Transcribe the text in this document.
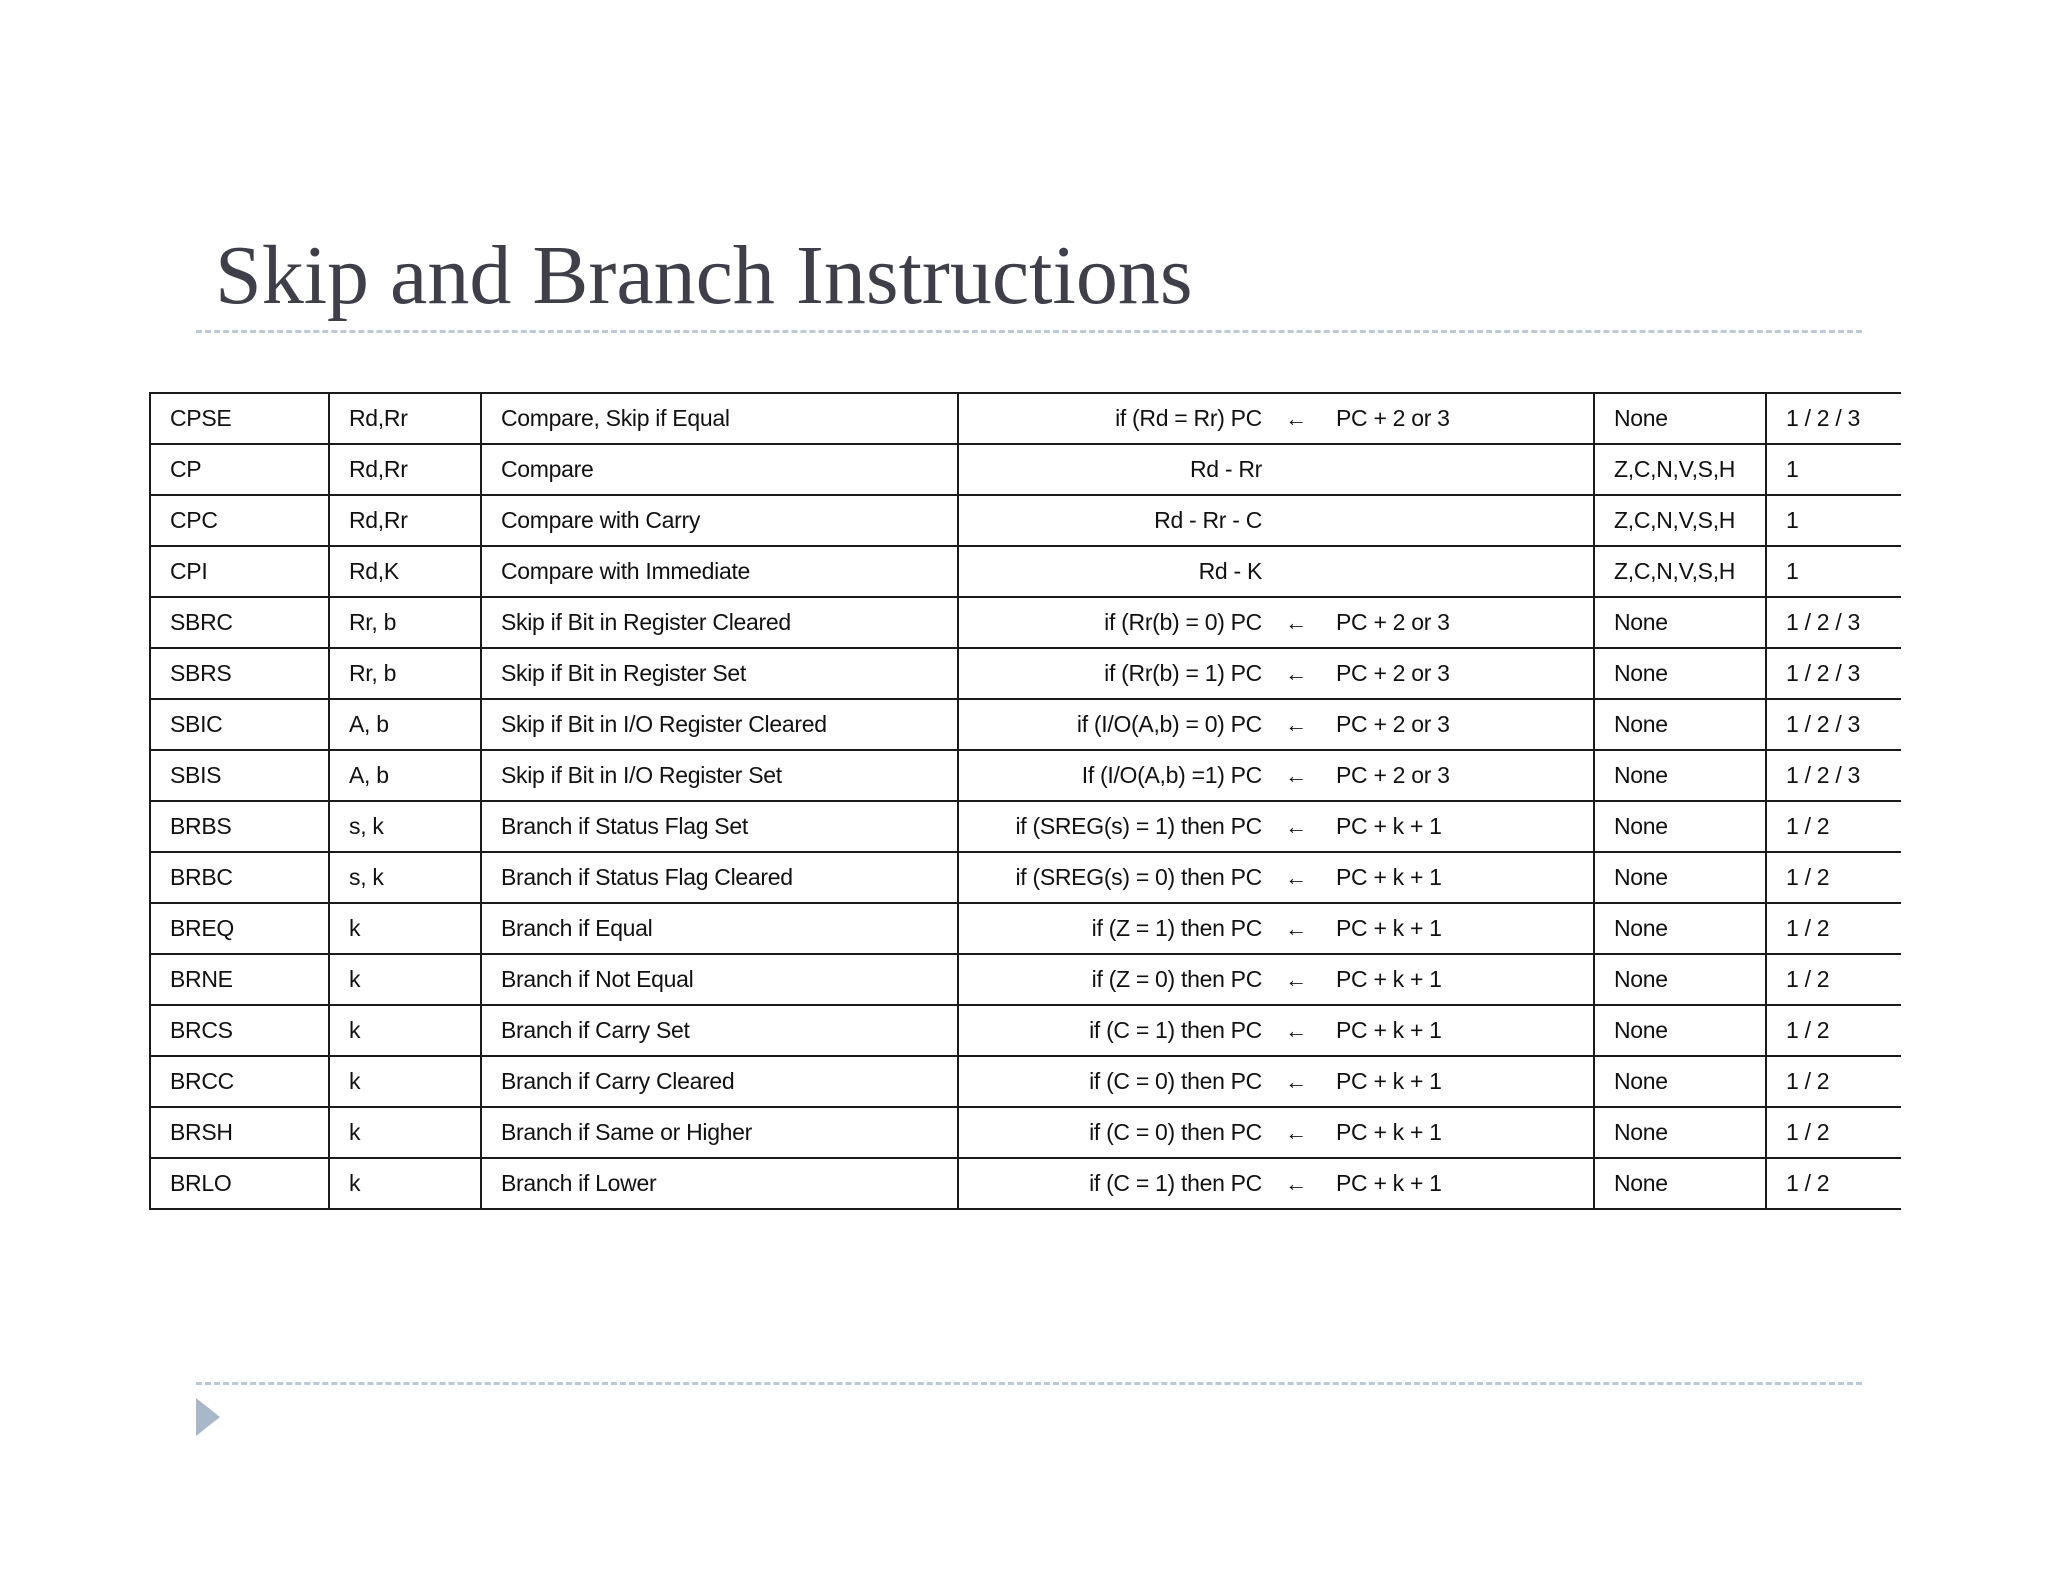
Skip and Branch Instructions
CPSE	Rd,Rr	Compare, Skip if Equal	if (Rd = Rr) PC	←	PC + 2 or 3	None	1 / 2 / 3
CP	Rd,Rr	Compare	Rd - Rr			Z,C,N,V,S,H	1
CPC	Rd,Rr	Compare with Carry	Rd - Rr - C			Z,C,N,V,S,H	1
CPI	Rd,K	Compare with Immediate	Rd - K			Z,C,N,V,S,H	1
SBRC	Rr, b	Skip if Bit in Register Cleared	if (Rr(b) = 0) PC	←	PC + 2 or 3	None	1 / 2 / 3
SBRS	Rr, b	Skip if Bit in Register Set	if (Rr(b) = 1) PC	←	PC + 2 or 3	None	1 / 2 / 3
SBIC	A, b	Skip if Bit in I/O Register Cleared	if (I/O(A,b) = 0) PC	←	PC + 2 or 3	None	1 / 2 / 3
SBIS	A, b	Skip if Bit in I/O Register Set	If (I/O(A,b) =1) PC	←	PC + 2 or 3	None	1 / 2 / 3
BRBS	s, k	Branch if Status Flag Set	if (SREG(s) = 1) then PC	←	PC + k + 1	None	1 / 2
BRBC	s, k	Branch if Status Flag Cleared	if (SREG(s) = 0) then PC	←	PC + k + 1	None	1 / 2
BREQ	k	Branch if Equal	if (Z = 1) then PC	←	PC + k + 1	None	1 / 2
BRNE	k	Branch if Not Equal	if (Z = 0) then PC	←	PC + k + 1	None	1 / 2
BRCS	k	Branch if Carry Set	if (C = 1) then PC	←	PC + k + 1	None	1 / 2
BRCC	k	Branch if Carry Cleared	if (C = 0) then PC	←	PC + k + 1	None	1 / 2
BRSH	k	Branch if Same or Higher	if (C = 0) then PC	←	PC + k + 1	None	1 / 2
BRLO	k	Branch if Lower	if (C = 1) then PC	←	PC + k + 1	None	1 / 2
